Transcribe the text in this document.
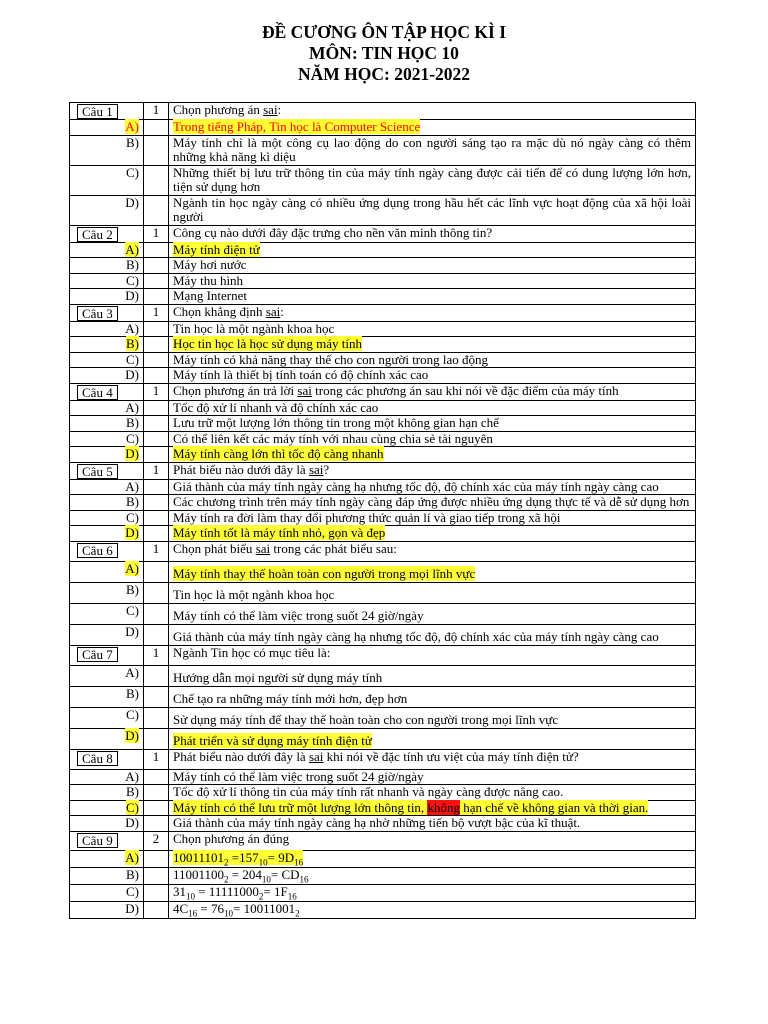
ĐỀ CƯƠNG ÔN TẬP HỌC KÌ I
MÔN: TIN HỌC 10
NĂM HỌC: 2021-2022
Câu 1	1	Chọn phương án sai:
A)		Trong tiếng Pháp, Tin học là Computer Science
B)		Máy tính chỉ là một công cụ lao động do con người sáng tạo ra mặc dù nó ngày càng có thêm những khả năng kì diệu
C)		Những thiết bị lưu trữ thông tin của máy tính ngày càng được cải tiến để có dung lượng lớn hơn, tiện sử dụng hơn
D)		Ngành tin học ngày càng có nhiều ứng dụng trong hầu hết các lĩnh vực hoạt động của xã hội loài người

Câu 2	1	Công cụ nào dưới đây đặc trưng cho nền văn minh thông tin?
A)		Máy tính điện tử
B)		Máy hơi nước
C)		Máy thu hình
D)		Mạng Internet

Câu 3	1	Chọn khẳng định sai:
A)		Tin học là một ngành khoa học
B)		Học tin học là học sử dụng máy tính
C)		Máy tính có khả năng thay thế cho con người trong lao động
D)		Máy tính là thiết bị tính toán có độ chính xác cao

Câu 4	1	Chọn phương án trả lời sai trong các phương án sau khi nói về đặc điểm của máy tính
A)		Tốc độ xử lí nhanh và độ chính xác cao
B)		Lưu trữ một lượng lớn thông tin trong một không gian hạn chế
C)		Có thể liên kết các máy tính với nhau cùng chia sẻ tài nguyên
D)		Máy tính càng lớn thì tốc độ càng nhanh

Câu 5	1	Phát biểu nào dưới đây là sai?
A)		Giá thành của máy tính ngày càng hạ nhưng tốc độ, độ chính xác của máy tính ngày càng cao
B)		Các chương trình trên máy tính ngày càng đáp ứng được nhiều ứng dụng thực tế và dễ sử dụng hơn
C)		Máy tính ra đời làm thay đổi phương thức quản lí và giao tiếp trong xã hội
D)		Máy tính tốt là máy tính nhỏ, gọn và đẹp

Câu 6	1	Chọn phát biểu sai trong các phát biểu sau:
A)		Máy tính thay thế hoàn toàn con người trong mọi lĩnh vực
B)		Tin học là một ngành khoa học
C)		Máy tính có thể làm việc trong suốt 24 giờ/ngày
D)		Giá thành của máy tính ngày càng hạ nhưng tốc độ, độ chính xác của máy tính ngày càng cao

Câu 7	1	Ngành Tin học có mục tiêu là:
A)		Hướng dẫn mọi người sử dụng máy tính
B)		Chế tạo ra những máy tính mới hơn, đẹp hơn
C)		Sử dụng máy tính để thay thế hoàn toàn cho con người trong mọi lĩnh vực
D)		Phát triển và sử dụng máy tính điện tử

Câu 8	1	Phát biểu nào dưới đây là sai khi nói về đặc tính ưu việt của máy tính điện tử?
A)		Máy tính có thể làm việc trong suốt 24 giờ/ngày
B)		Tốc độ xử lí thông tin của máy tính rất nhanh và ngày càng được nâng cao.
C)		Máy tính có thể lưu trữ một lượng lớn thông tin, không hạn chế về không gian và thời gian.
D)		Giá thành của máy tính ngày càng hạ nhờ những tiến bộ vượt bậc của kĩ thuật.

Câu 9	2	Chọn phương án đúng
A)		$10011101_2 =157_{10}= 9D_{16}$
B)		$11001100_2 = 204_{10}= CD_{16}$
C)		$31_{10} = 11111000_2= 1F_{16}$
D)		$4C_{16} = 76_{10}= 10011001_2$
